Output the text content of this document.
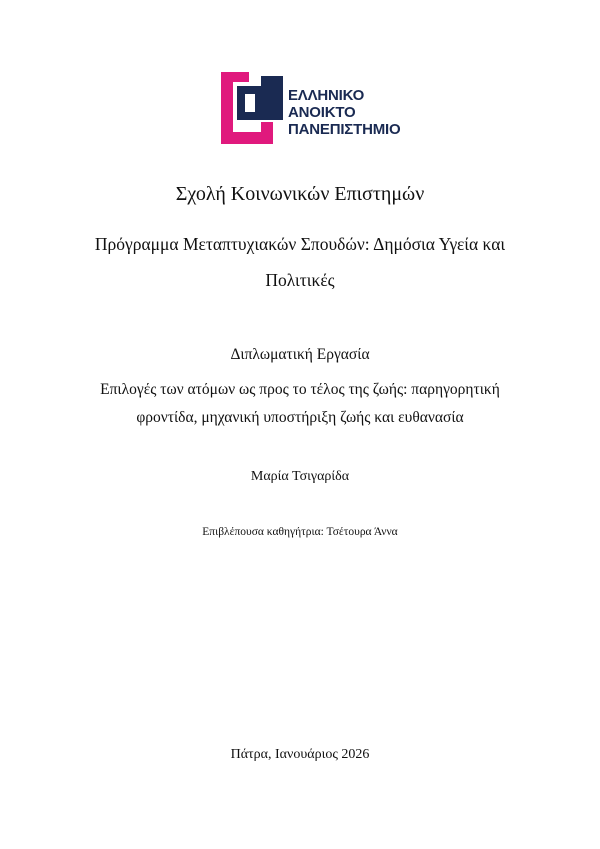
ΕΛΛΗΝΙΚΟ
ΑΝΟΙΚΤΟ
ΠΑΝΕΠΙΣΤΗΜΙΟ
Σχολή Κοινωνικών Επιστημών
Πρόγραμμα Μεταπτυχιακών Σπουδών: Δημόσια Υγεία και Πολιτικές
Διπλωματική Εργασία
Επιλογές των ατόμων ως προς το τέλος της ζωής: παρηγορητική φροντίδα, μηχανική υποστήριξη ζωής και ευθανασία
Μαρία Τσιγαρίδα
Επιβλέπουσα καθηγήτρια: Τσέτουρα Άννα
Πάτρα, Ιανουάριος 2026
